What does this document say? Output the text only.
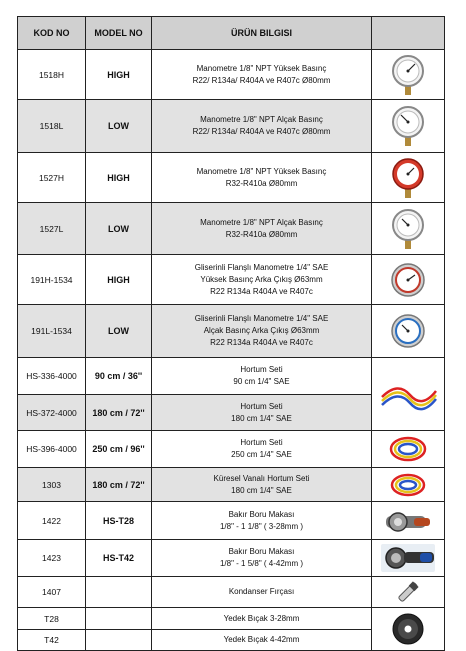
KOD NO	MODEL NO	ÜRÜN BILGISI	
1518H	HIGH	Manometre 1/8" NPT Yüksek Basınç
R22/ R134a/ R404A ve R407c Ø80mm

1518L	LOW	Manometre 1/8" NPT Alçak Basınç
R22/ R134a/ R404A ve R407c Ø80mm

1527H	HIGH	Manometre 1/8" NPT Yüksek Basınç
R32-R410a Ø80mm

1527L	LOW	Manometre 1/8" NPT Alçak Basınç
R32-R410a Ø80mm

191H-1534	HIGH	Gliserinli Flanşlı Manometre 1/4" SAE
Yüksek Basınç Arka Çıkış Ø63mm
R22 R134a R404A ve R407c

191L-1534	LOW	Gliserinli Flanşlı Manometre 1/4" SAE
Alçak Basınç Arka Çıkış Ø63mm
R22 R134a R404A ve R407c

HS-336-4000	90 cm / 36''	Hortum Seti
90 cm 1/4" SAE

HS-372-4000	180 cm / 72''	Hortum Seti
180 cm 1/4" SAE	

HS-396-4000	250 cm / 96''	Hortum Seti
250 cm 1/4" SAE

1303	180 cm / 72''	Küresel Vanalı Hortum Seti
180 cm 1/4" SAE

1422	HS-T28	Bakır Boru Makası
1/8" - 1 1/8" ( 3-28mm )

1423	HS-T42	Bakır Boru Makası
1/8" - 1 5/8" ( 4-42mm )

1407		Kondanser Fırçası

T28		Yedek Bıçak 3-28mm

T42		Yedek Bıçak 4-42mm	
